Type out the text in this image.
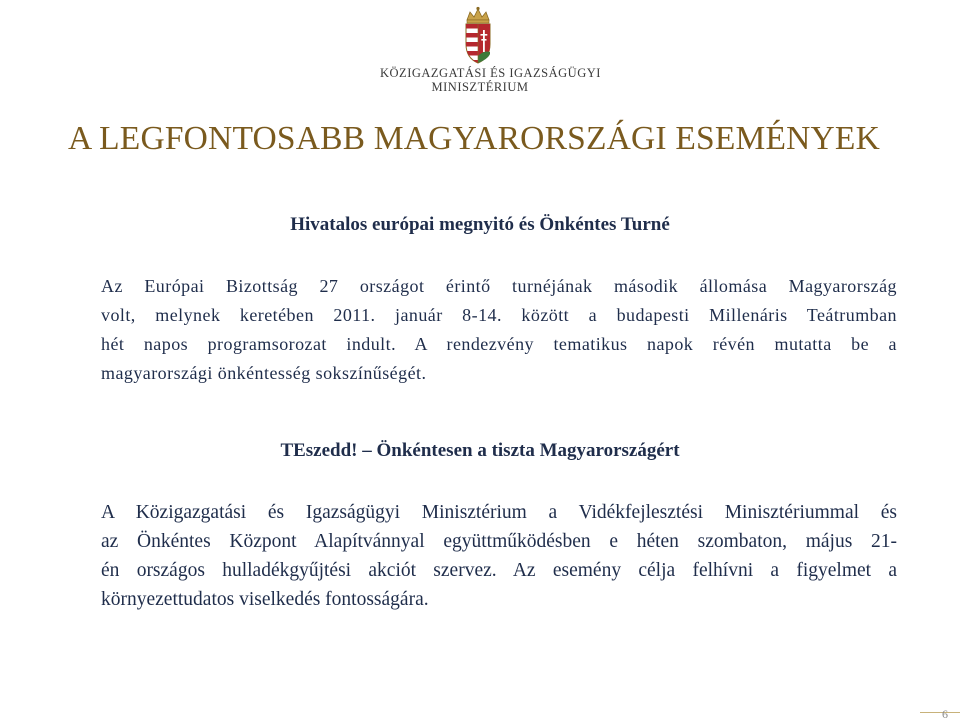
KÖZIGAZGATÁSI ÉS IGAZSÁGÜGYI
MINISZTÉRIUM
A LEGFONTOSABB MAGYARORSZÁGI ESEMÉNYEK
Hivatalos európai megnyitó és Önkéntes Turné
Az Európai Bizottság 27 országot érintő turnéjának második állomása Magyarország
volt, melynek keretében 2011. január 8-14. között a budapesti Millenáris Teátrumban
hét napos programsorozat indult. A rendezvény tematikus napok révén mutatta be a
magyarországi önkéntesség sokszínűségét.
TEszedd! – Önkéntesen a tiszta Magyarországért
A Közigazgatási és Igazságügyi Minisztérium a Vidékfejlesztési Minisztériummal és
az Önkéntes Központ Alapítvánnyal együttműködésben e héten szombaton, május 21-
én országos hulladékgyűjtési akciót szervez. Az esemény célja felhívni a figyelmet a
környezettudatos viselkedés fontosságára.
6
